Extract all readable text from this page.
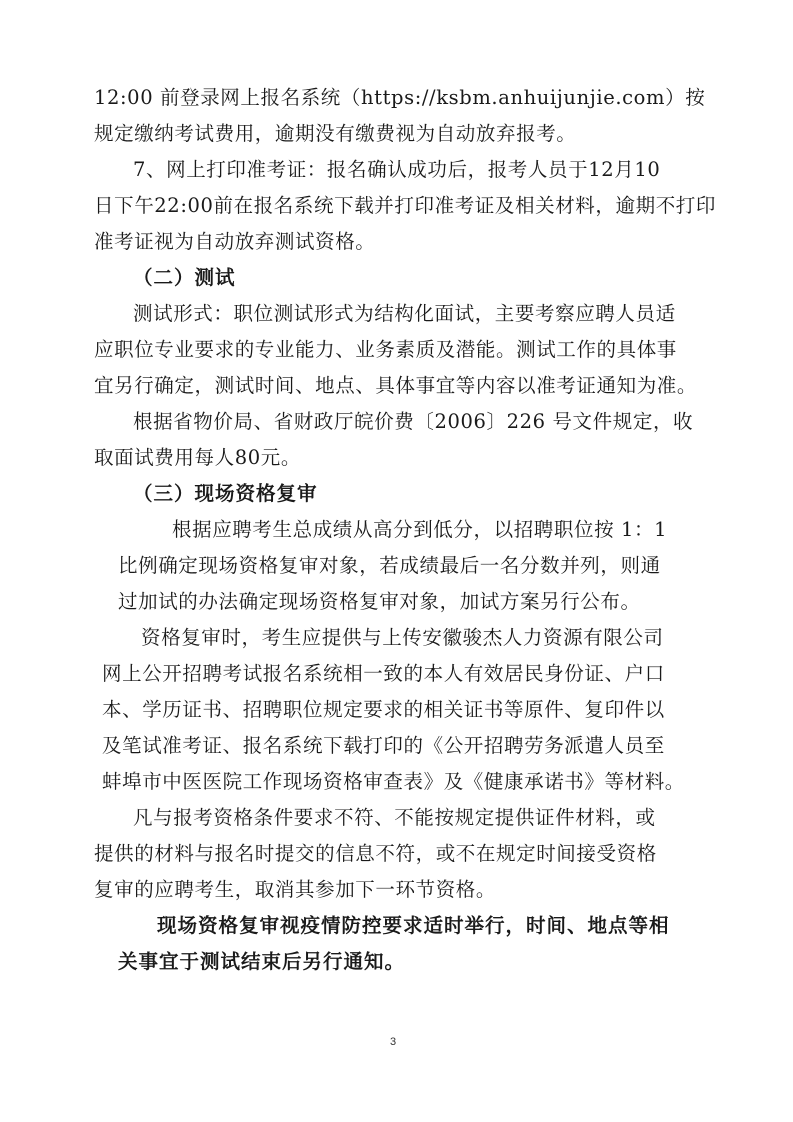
12:00 前登录网上报名系统（https://ksbm.anhuijunjie.com）按
规定缴纳考试费用，逾期没有缴费视为自动放弃报考。
7、网上打印准考证：报名确认成功后，报考人员于12月10
日下午22:00前在报名系统下载并打印准考证及相关材料，逾期不打印
准考证视为自动放弃测试资格。
（二）测试
测试形式：职位测试形式为结构化面试，主要考察应聘人员适
应职位专业要求的专业能力、业务素质及潜能。测试工作的具体事
宜另行确定，测试时间、地点、具体事宜等内容以准考证通知为准。
根据省物价局、省财政厅皖价费〔2006〕226 号文件规定，收
取面试费用每人80元。
（三）现场资格复审
根据应聘考生总成绩从高分到低分，以招聘职位按 1：1
比例确定现场资格复审对象，若成绩最后一名分数并列，则通
过加试的办法确定现场资格复审对象，加试方案另行公布。
资格复审时，考生应提供与上传安徽骏杰人力资源有限公司
网上公开招聘考试报名系统相一致的本人有效居民身份证、户口
本、学历证书、招聘职位规定要求的相关证书等原件、复印件以
及笔试准考证、报名系统下载打印的《公开招聘劳务派遣人员至
蚌埠市中医医院工作现场资格审查表》及《健康承诺书》等材料。
凡与报考资格条件要求不符、不能按规定提供证件材料，或
提供的材料与报名时提交的信息不符，或不在规定时间接受资格
复审的应聘考生，取消其参加下一环节资格。
现场资格复审视疫情防控要求适时举行，时间、地点等相
关事宜于测试结束后另行通知。
3
